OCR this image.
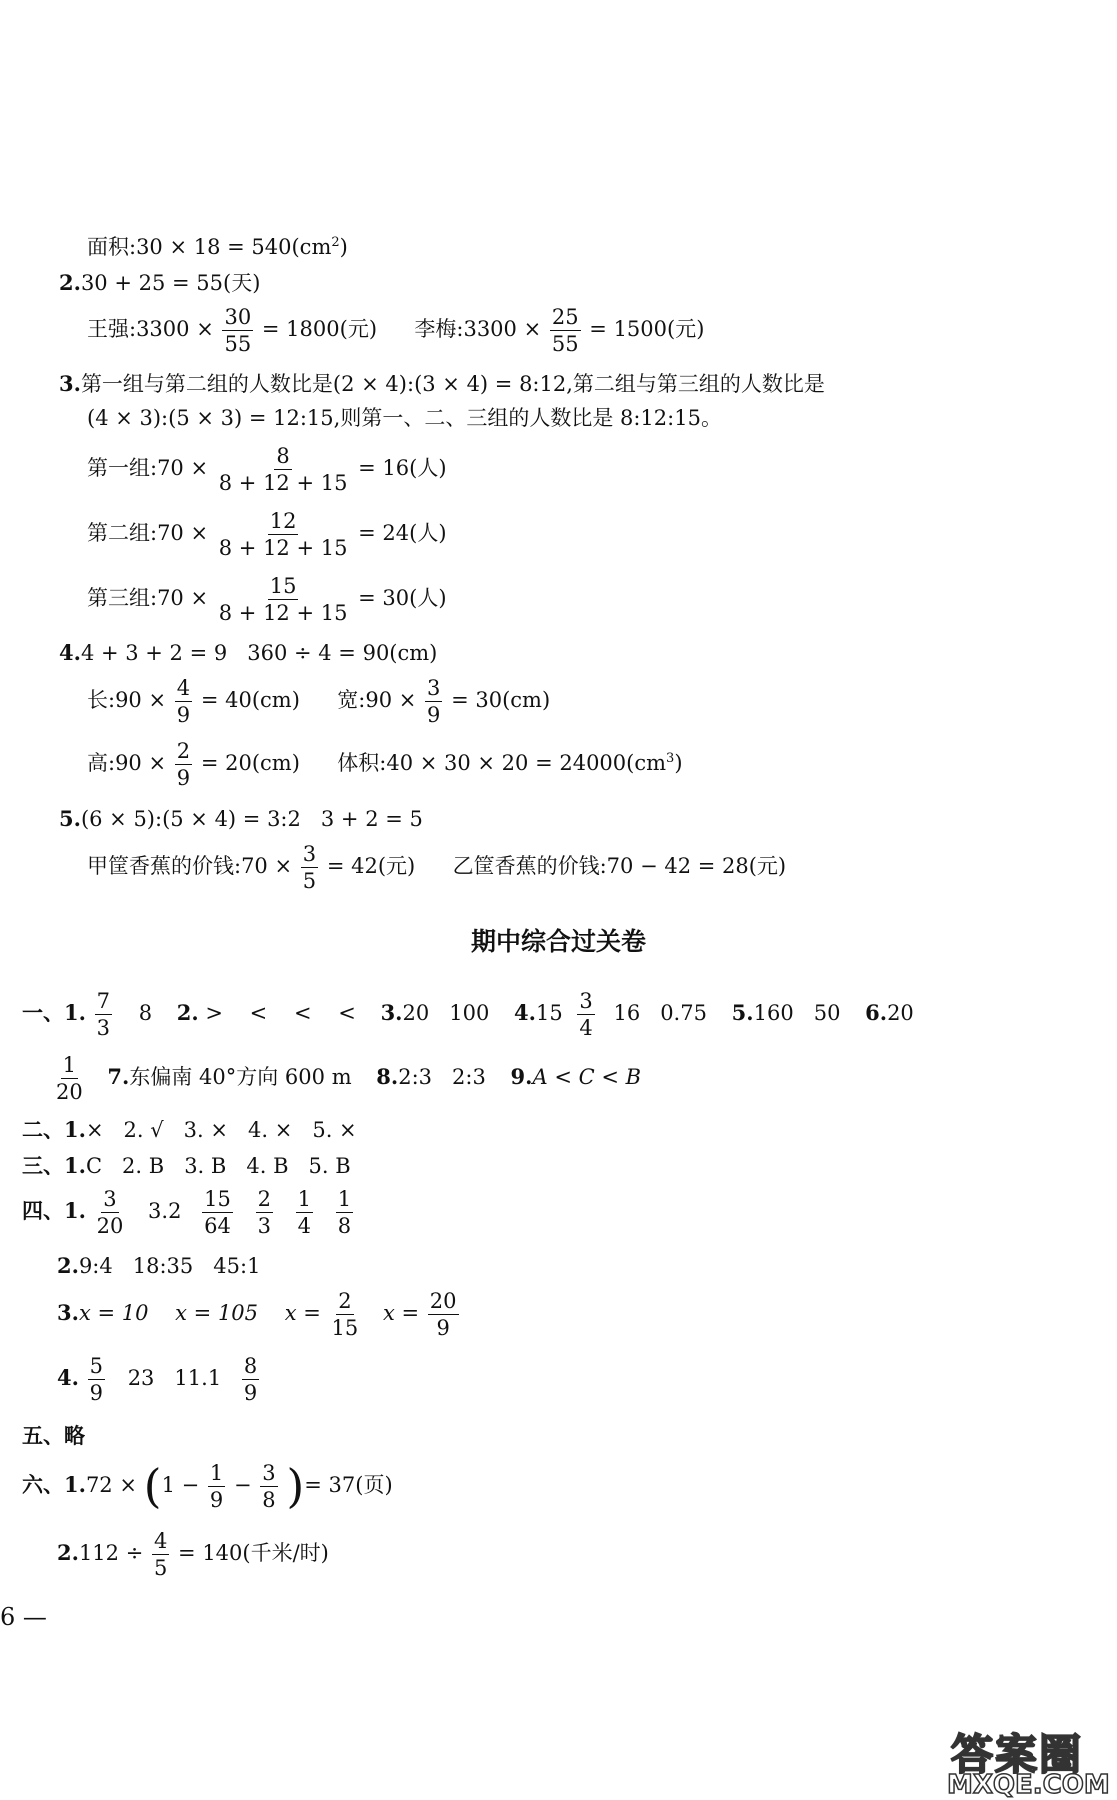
面积:30 × $18 = 540(cm^2)$
2.30 + 25 = 55(天)
王强:3300 × $\frac{30}{55} = 1800$(元) 李梅:3300 × $\frac{25}{55} = 1500$(元)
3.第一组与第二组的人数比是(2 × 4):(3 × 4) = 8:12,第二组与第三组的人数比是
(4 × 3):(5 × 3) = 12:15,则第一、二、三组的人数比是 8:12:15。
第一组:70 × $\frac{8}{8 + 12 + 15} = 16$(人)
第二组:70 × $\frac{12}{8 + 12 + 15} = 24$(人)
第三组:70 × $\frac{15}{8 + 12 + 15} = 30$(人)
4.4 + 3 + 2 = 9   360 ÷ 4 = 90(cm)
长:90 × $\frac{4}{9} = 40(cm)$ 宽:90 × $\frac{3}{9} = 30(cm)$
高:90 × $\frac{2}{9} = 20(cm)$ 体积:40 × $30 \times 20 = 24000(cm^3)$
5.(6 × 5):(5 × 4) = 3:2   3 + 2 = 5
甲筐香蕉的价钱:70 × $\frac{3}{5} = 42$(元) 乙筐香蕉的价钱:70 − 42 = 28(元)
期中综合过关卷
一、1. $\frac{7}{3} 8$ 2. >    <    <    < 3.20   100 $4.15 \frac{3}{4} 16$   0.75 5.160   50 6.20
$\frac{1}{20} 7$.东偏南 40°方向 600 m 8.2:3   2:3 9.A < C < B
二、1.×   2. √   3. ×   4. ×   5. ×
三、1.C   2. B   3. B   4. B   5. B
四、1. $\frac{3}{20} 3.2 \frac{15}{64}$
$\frac{2}{3}$
$\frac{1}{4}$
$\frac{1}{8}$
2.9:4   18:35   45:1
3.x = 10    x = 105    $x = \frac{2}{15}$ $x = \frac{20}{9}$
4. $\frac{5}{9} 23$   $11.1 \frac{8}{9}$
五、略
六、$1.72 \times (1 - \frac{1}{9} - \frac{3}{8}$ )= 37(页)
$2.112 \div \frac{4}{5} = 140$(千米/时)
6 —
答案圈
MXQE.COM
